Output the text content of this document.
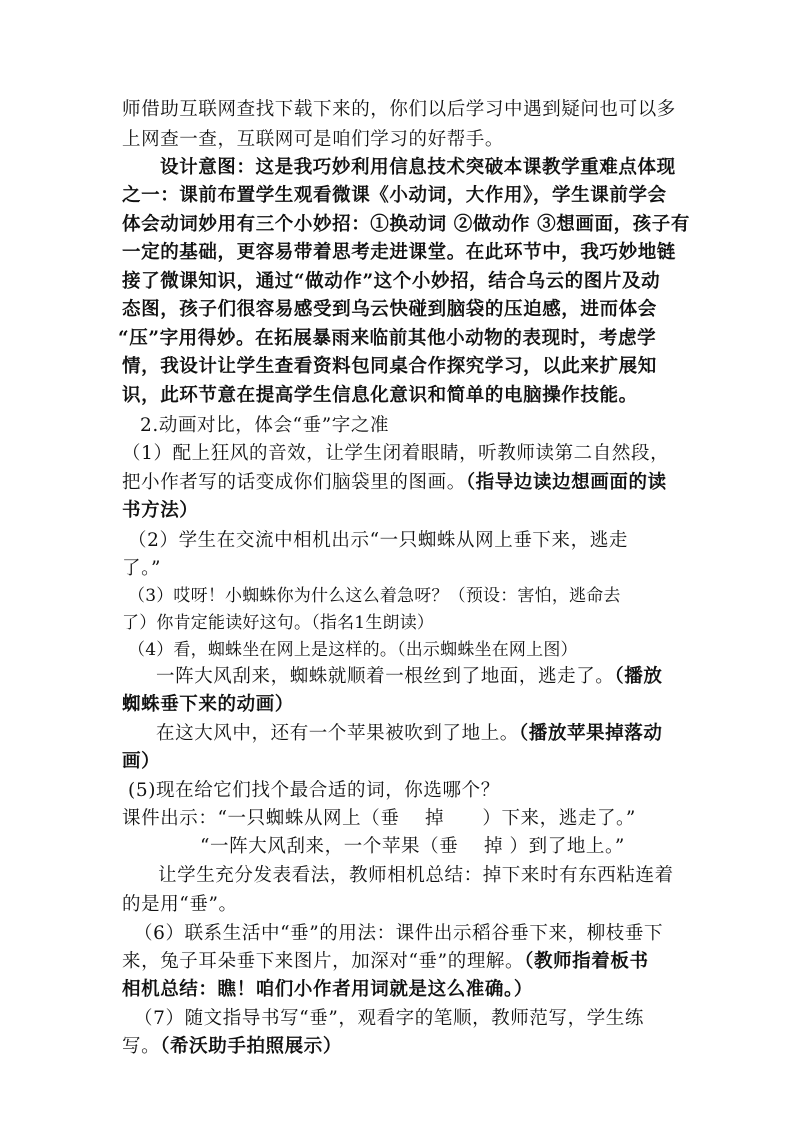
师借助互联网查找下载下来的，你们以后学习中遇到疑问也可以多
上网查一查，互联网可是咱们学习的好帮手。
设计意图：这是我巧妙利用信息技术突破本课教学重难点体现
之一：课前布置学生观看微课《小动词，大作用》，学生课前学会
体会动词妙用有三个小妙招：①换动词 ②做动作 ③想画面，孩子有
一定的基础，更容易带着思考走进课堂。在此环节中，我巧妙地链
接了微课知识，通过“做动作”这个小妙招，结合乌云的图片及动
态图，孩子们很容易感受到乌云快碰到脑袋的压迫感，进而体会
“压”字用得妙。在拓展暴雨来临前其他小动物的表现时，考虑学
情，我设计让学生查看资料包同桌合作探究学习，以此来扩展知
识，此环节意在提高学生信息化意识和简单的电脑操作技能。
2.动画对比，体会“垂”字之准
（1）配上狂风的音效，让学生闭着眼睛，听教师读第二自然段，
把小作者写的话变成你们脑袋里的图画。（指导边读边想画面的读
书方法）
（2）学生在交流中相机出示“一只蜘蛛从网上垂下来，逃走
了。”
（3）哎呀！小蜘蛛你为什么这么着急呀？（预设：害怕，逃命去
了）你肯定能读好这句。（指名1生朗读）
（4）看，蜘蛛坐在网上是这样的。（出示蜘蛛坐在网上图）
一阵大风刮来，蜘蛛就顺着一根丝到了地面，逃走了。（播放
蜘蛛垂下来的动画）
在这大风中，还有一个苹果被吹到了地上。（播放苹果掉落动
画）
(5)现在给它们找个最合适的词，你选哪个？
课件出示：“一只蜘蛛从网上（垂　 掉　　）下来，逃走了。”
“一阵大风刮来，一个苹果（垂　 掉 ）到了地上。”
让学生充分发表看法，教师相机总结：掉下来时有东西粘连着
的是用“垂”。
（6）联系生活中“垂”的用法：课件出示稻谷垂下来，柳枝垂下
来，兔子耳朵垂下来图片，加深对“垂”的理解。（教师指着板书
相机总结：瞧！咱们小作者用词就是这么准确。）
（7）随文指导书写“垂”，观看字的笔顺，教师范写，学生练
写。（希沃助手拍照展示）
